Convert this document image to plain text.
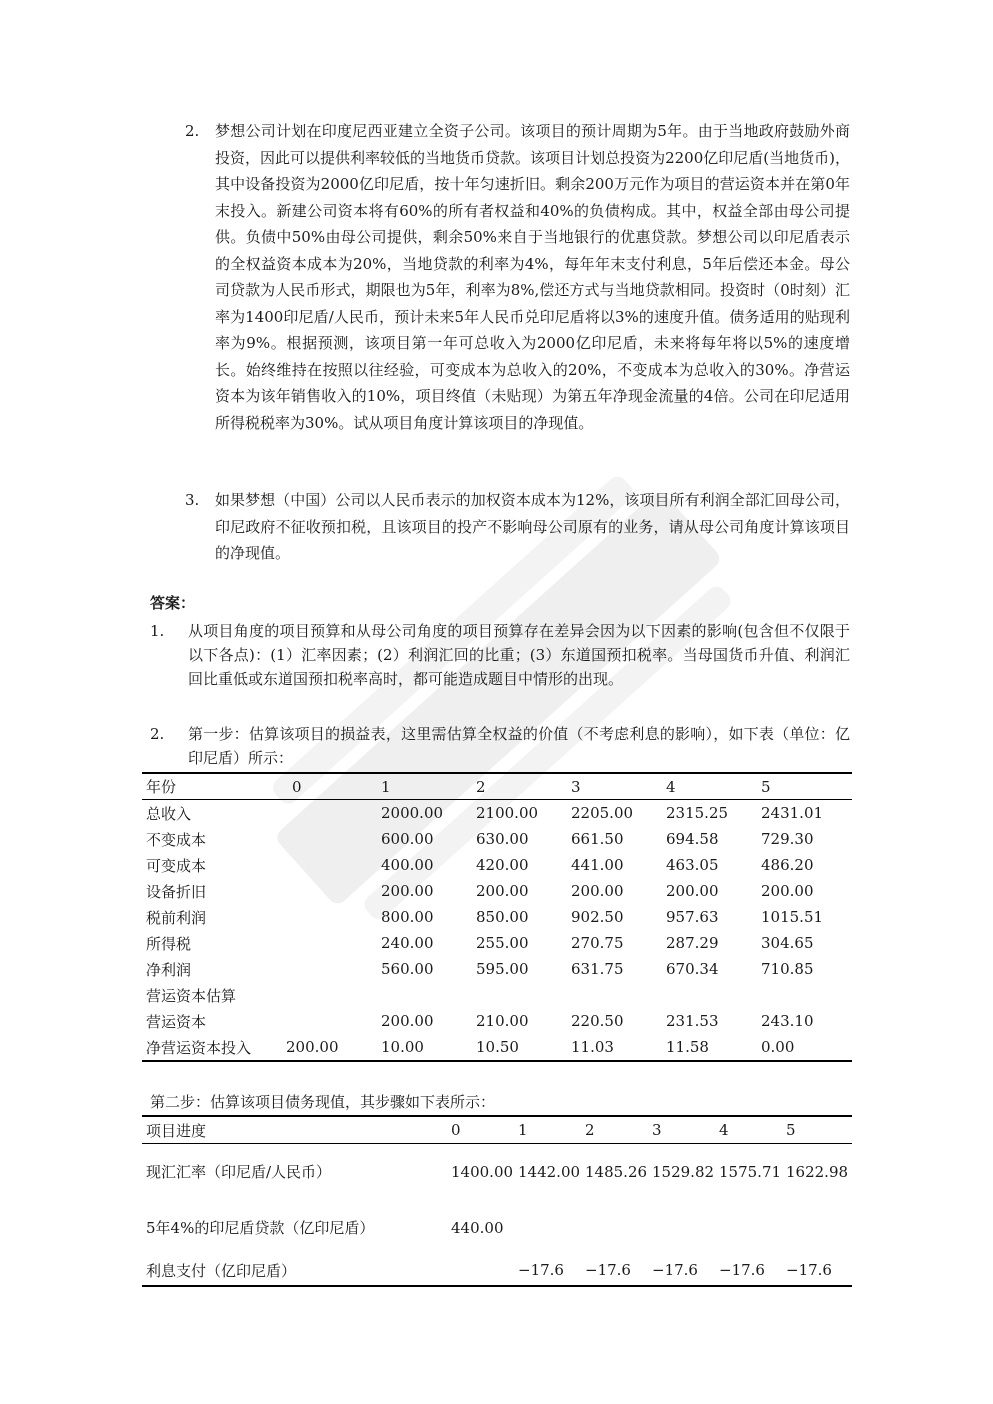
2.	梦想公司计划在印度尼西亚建立全资子公司。该项目的预计周期为5年。由于当地政府鼓励外商投资，因此可以提供利率较低的当地货币贷款。该项目计划总投资为2200亿印尼盾(当地货币)，其中设备投资为2000亿印尼盾，按十年匀速折旧。剩余200万元作为项目的营运资本并在第0年末投入。新建公司资本将有60%的所有者权益和40%的负债构成。其中，权益全部由母公司提供。负债中50%由母公司提供，剩余50%来自于当地银行的优惠贷款。梦想公司以印尼盾表示的全权益资本成本为20%，当地贷款的利率为4%，每年年末支付利息，5年后偿还本金。母公司贷款为人民币形式，期限也为5年，利率为8%,偿还方式与当地贷款相同。投资时（0时刻）汇率为1400印尼盾/人民币，预计未来5年人民币兑印尼盾将以3%的速度升值。债务适用的贴现利率为9%。根据预测，该项目第一年可总收入为2000亿印尼盾，未来将每年将以5%的速度增长。始终维持在按照以往经验，可变成本为总收入的20%，不变成本为总收入的30%。净营运资本为该年销售收入的10%，项目终值（未贴现）为第五年净现金流量的4倍。公司在印尼适用所得税税率为30%。试从项目角度计算该项目的净现值。
3.	如果梦想（中国）公司以人民币表示的加权资本成本为12%，该项目所有利润全部汇回母公司，印尼政府不征收预扣税，且该项目的投产不影响母公司原有的业务，请从母公司角度计算该项目的净现值。
答案：
1.	从项目角度的项目预算和从母公司角度的项目预算存在差异会因为以下因素的影响(包含但不仅限于以下各点)：(1）汇率因素；(2）利润汇回的比重；(3）东道国预扣税率。当母国货币升值、利润汇回比重低或东道国预扣税率高时，都可能造成题目中情形的出现。
2.	第一步：估算该项目的损益表，这里需估算全权益的价值（不考虑利息的影响），如下表（单位：亿印尼盾）所示：
年份	0	1	2	3	4	5
总收入		2000.00	2100.00	2205.00	2315.25	2431.01
不变成本		600.00	630.00	661.50	694.58	729.30
可变成本		400.00	420.00	441.00	463.05	486.20
设备折旧		200.00	200.00	200.00	200.00	200.00
税前利润		800.00	850.00	902.50	957.63	1015.51
所得税		240.00	255.00	270.75	287.29	304.65
净利润		560.00	595.00	631.75	670.34	710.85
营运资本估算						
营运资本		200.00	210.00	220.50	231.53	243.10
净营运资本投入	200.00	10.00	10.50	11.03	11.58	0.00
第二步：估算该项目债务现值，其步骤如下表所示：
项目进度	0	1	2	3	4	5
现汇汇率（印尼盾/人民币）	1400.00	1442.00	1485.26	1529.82	1575.71	1622.98
5年4%的印尼盾贷款（亿印尼盾）	440.00					
利息支付（亿印尼盾）		−17.6	−17.6	−17.6	−17.6	−17.6
